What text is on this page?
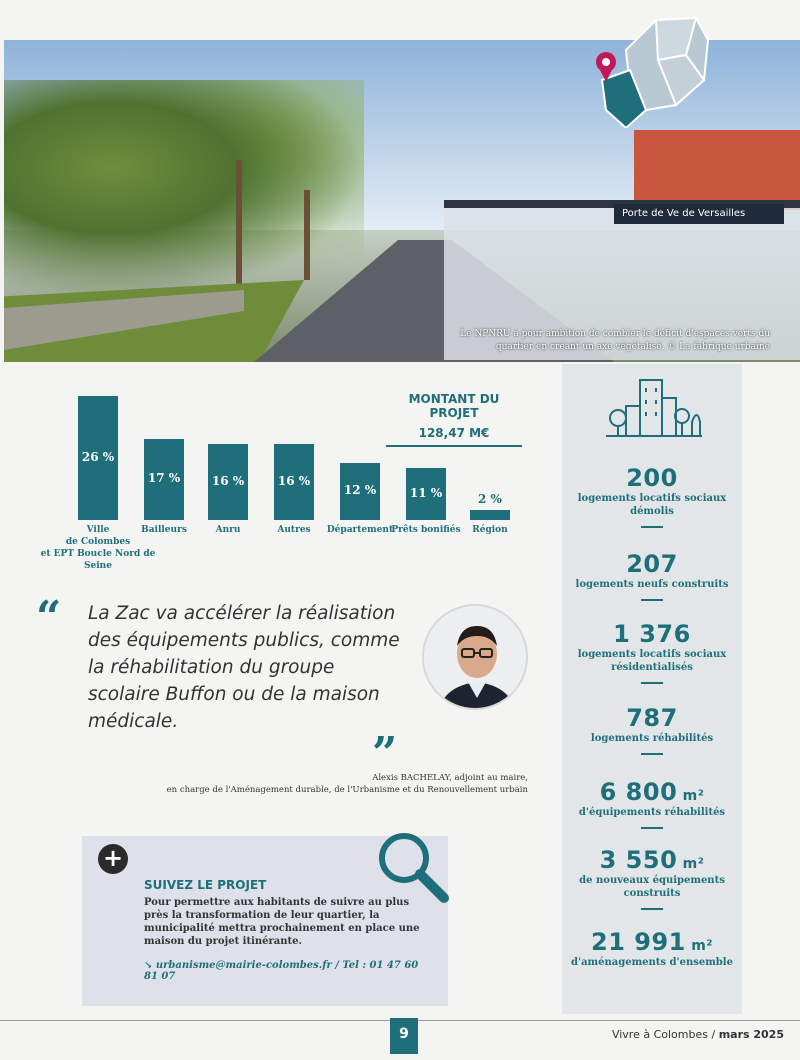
Porte de Ve de Versailles
Le NPNRU a pour ambition de combler le déficit d'espaces verts du quartier en créant un axe végétalisé. © La fabrique urbaine
26 %
Ville
de Colombes
et EPT Boucle Nord de Seine
17 %
Bailleurs
16 %
Anru
16 %
Autres
12 %
Département
11 %
Prêts bonifiés
2 %
Région
MONTANT DU PROJET
128,47 M€
200
logements locatifs sociaux démolis
207
logements neufs construits
1 376
logements locatifs sociaux résidentialisés
787
logements réhabilités
6 800 m²
d'équipements réhabilités
3 550 m²
de nouveaux équipements construits
21 991 m²
d'aménagements d'ensemble
“ La Zac va accélérer la réalisation des équipements publics, comme la réhabilitation du groupe scolaire Buffon ou de la maison médicale.
”
Alexis BACHELAY, adjoint au maire,
en charge de l'Aménagement durable, de l'Urbanisme et du Renouvellement urbain
+
SUIVEZ LE PROJET
Pour permettre aux habitants de suivre au plus près la transformation de leur quartier, la municipalité mettra prochainement en place une maison du projet itinérante.
↘ urbanisme@mairie-colombes.fr / Tel : 01 47 60 81 07
9	Vivre à Colombes / mars 2025
